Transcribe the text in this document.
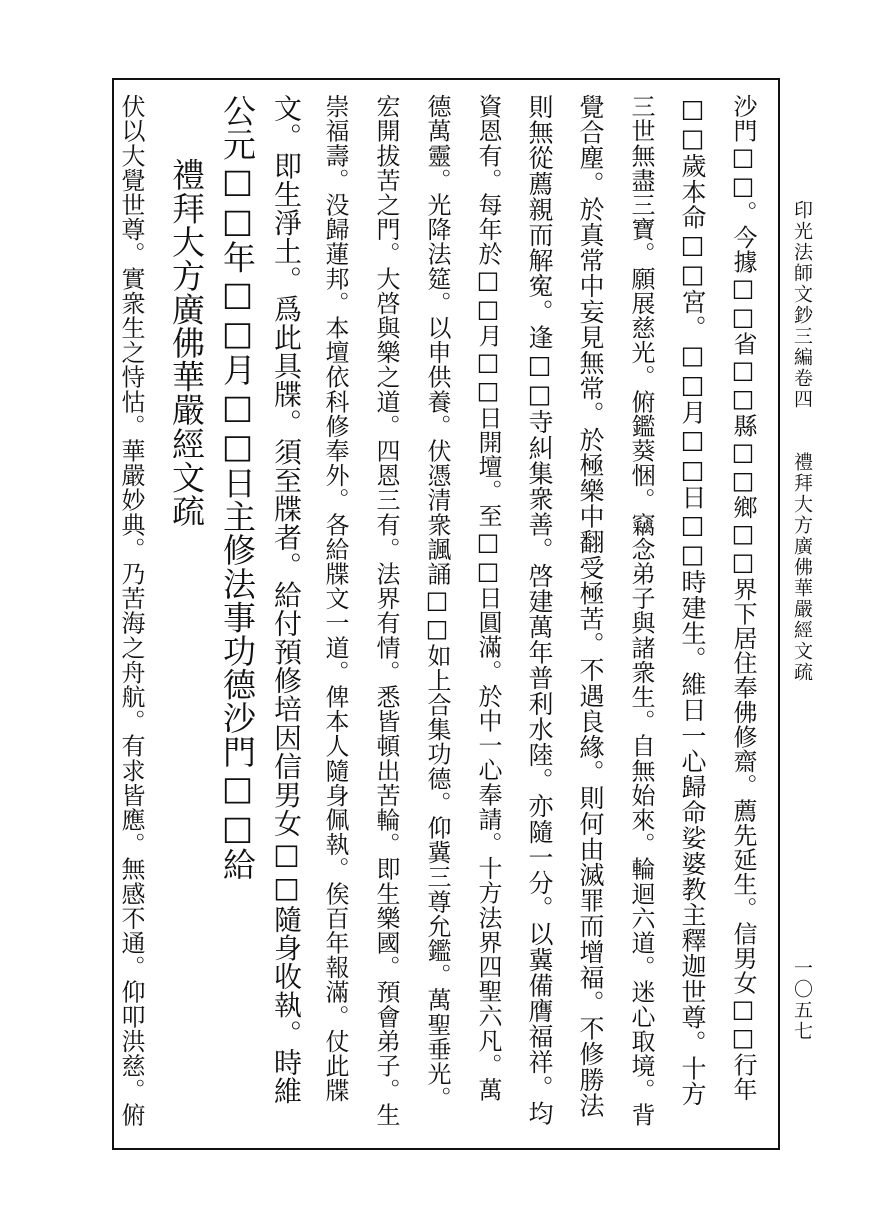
印光法師文鈔三編卷四
禮拜大方廣佛華嚴經文疏
一〇五七
沙門□□。今據□□省□□縣□□鄉□□界下居住奉佛修齋。薦先延生。信男女□□行年
□□歲本命□□宮。□□月□□日□□時建生。維日一心歸命娑婆教主釋迦世尊。十方
三世無盡三寶。願展慈光。俯鑑葵悃。竊念弟子與諸衆生。自無始來。輪迴六道。迷心取境。背
覺合塵。於真常中妄見無常。於極樂中翻受極苦。不遇良緣。則何由滅罪而增福。不修勝法
則無從薦親而解寃。逢□□寺糾集衆善。啓建萬年普利水陸。亦隨一分。以冀備膺福祥。均
資恩有。每年於□□月□□日開壇。至□□日圓滿。於中一心奉請。十方法界四聖六凡。萬
德萬靈。光降法筵。以申供養。伏憑清衆諷誦□□如上合集功德。仰冀三尊允鑑。萬聖垂光。
宏開拔苦之門。大啓與樂之道。四恩三有。法界有情。悉皆頓出苦輪。即生樂國。預會弟子。生
崇福壽。没歸蓮邦。本壇依科修奉外。各給牒文一道。俾本人隨身佩執。俟百年報滿。仗此牒
文。即生淨土。爲此具牒。須至牒者。給付預修培因信男女□□隨身收執。時維
公元□□年□□月□□日主修法事功德沙門□□給
禮拜大方廣佛華嚴經文疏
伏以大覺世尊。實衆生之恃怙。華嚴妙典。乃苦海之舟航。有求皆應。無感不通。仰叩洪慈。俯
